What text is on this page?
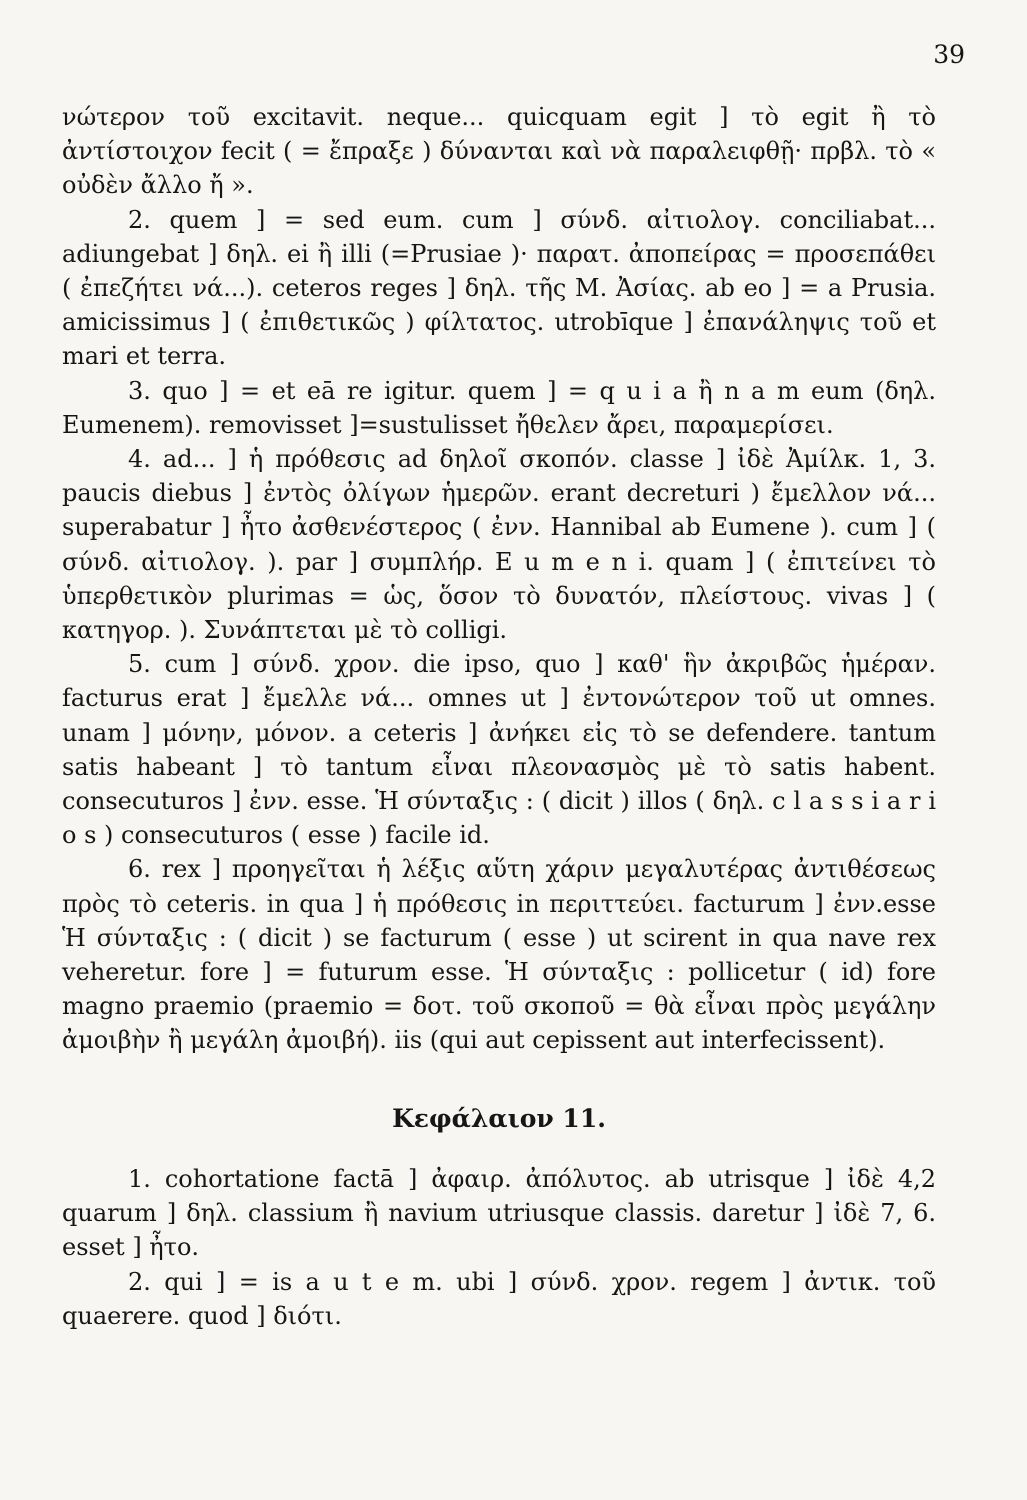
39

νώτερον τοῦ excitavit. neque... quicquam egit ] τὸ egit ἢ τὸ ἀντίστοιχον fecit ( = ἔπραξε ) δύνανται καὶ νὰ παραλειφθῇ· πρβλ. τὸ « οὐδὲν ἄλλο ἤ ».

2. quem ] = sed eum. cum ] σύνδ. αἰτιολογ. conciliabat... adiungebat ] δηλ. ei ἢ illi (=Prusiae )· παρατ. ἀποπείρας = προσεπάθει ( ἐπεζήτει νά...). ceteros reges ] δηλ. τῆς Μ. Ἀσίας. ab eo ] = a Prusia. amicissimus ] ( ἐπιθετικῶς ) φίλτατος. utrobīque ] ἐπανάληψις τοῦ et mari et terra.

3. quo ] = et eā re igitur. quem ] = q u i a ἢ n a m eum (δηλ. Eumenem). removisset ]=sustulisset ἤθελεν ἄρει, παραμερίσει.

4. ad... ] ἡ πρόθεσις ad δηλοῖ σκοπόν. classe ] ἰδὲ Ἀμίλκ. 1, 3. paucis diebus ] ἐντὸς ὀλίγων ἡμερῶν. erant decreturi ) ἔμελλον νά... superabatur ] ἦτο ἀσθενέστερος ( ἐνν. Hannibal ab Eumene ). cum ] ( σύνδ. αἰτιολογ. ). par ] συμπλήρ. E u m e n i. quam ] ( ἐπιτείνει τὸ ὑπερθετικὸν plurimas = ὡς, ὅσον τὸ δυνατόν, πλείστους. vivas ] ( κατηγορ. ). Συνάπτεται μὲ τὸ colligi.

5. cum ] σύνδ. χρον. die ipso, quo ] καθ' ἣν ἀκριβῶς ἡμέραν. facturus erat ] ἔμελλε νά... omnes ut ] ἐντονώτερον τοῦ ut omnes. unam ] μόνην, μόνον. a ceteris ] ἀνήκει εἰς τὸ se defendere. tantum satis habeant ] τὸ tantum εἶναι πλεονασμὸς μὲ τὸ satis habent. consecuturos ] ἐνν. esse. Ἡ σύνταξις : ( dicit ) illos ( δηλ. c l a s s i a r i o s ) consecuturos ( esse ) facile id.

6. rex ] προηγεῖται ἡ λέξις αὕτη χάριν μεγαλυτέρας ἀντιθέσεως πρὸς τὸ ceteris. in qua ] ἡ πρόθεσις in περιττεύει. facturum ] ἐνν.esse Ἡ σύνταξις : ( dicit ) se facturum ( esse ) ut scirent in qua nave rex veheretur. fore ] = futurum esse. Ἡ σύνταξις : pollicetur ( id) fore magno praemio (praemio = δοτ. τοῦ σκοποῦ = θὰ εἶναι πρὸς μεγάλην ἀμοιβὴν ἢ μεγάλη ἀμοιβή). iis (qui aut cepissent aut interfecissent).

Κεφάλαιον 11.

1. cohortatione factā ] ἀφαιρ. ἀπόλυτος. ab utrisque ] ἰδὲ 4,2 quarum ] δηλ. classium ἢ navium utriusque classis. daretur ] ἰδὲ 7, 6. esset ] ἦτο.

2. qui ] = is a u t e m. ubi ] σύνδ. χρον. regem ] ἀντικ. τοῦ quaerere. quod ] διότι.
